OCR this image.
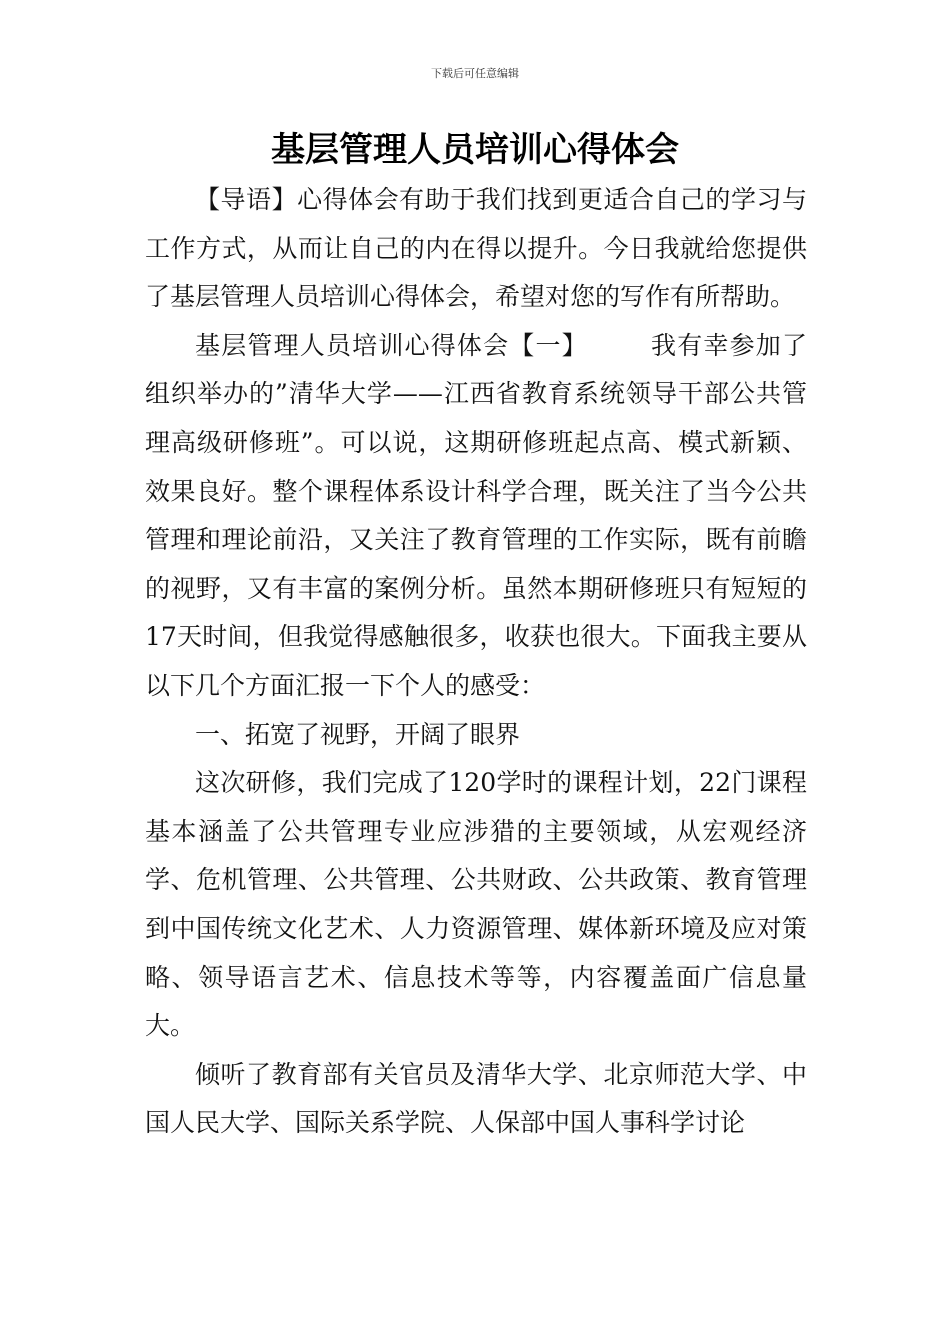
下载后可任意编辑
基层管理人员培训心得体会

【导语】心得体会有助于我们找到更适合自己的学习与工作方式，从而让自己的内在得以提升。今日我就给您提供了基层管理人员培训心得体会，希望对您的写作有所帮助。

基层管理人员培训心得体会【一】 我有幸参加了组织举办的”清华大学——江西省教育系统领导干部公共管理高级研修班”。可以说，这期研修班起点高、模式新颖、效果良好。整个课程体系设计科学合理，既关注了当今公共管理和理论前沿，又关注了教育管理的工作实际，既有前瞻的视野，又有丰富的案例分析。虽然本期研修班只有短短的17天时间，但我觉得感触很多，收获也很大。下面我主要从以下几个方面汇报一下个人的感受：

一、拓宽了视野，开阔了眼界

这次研修，我们完成了120学时的课程计划，22门课程基本涵盖了公共管理专业应涉猎的主要领域，从宏观经济学、危机管理、公共管理、公共财政、公共政策、教育管理到中国传统文化艺术、人力资源管理、媒体新环境及应对策略、领导语言艺术、信息技术等等，内容覆盖面广信息量大。

倾听了教育部有关官员及清华大学、北京师范大学、中国人民大学、国际关系学院、人保部中国人事科学讨论
